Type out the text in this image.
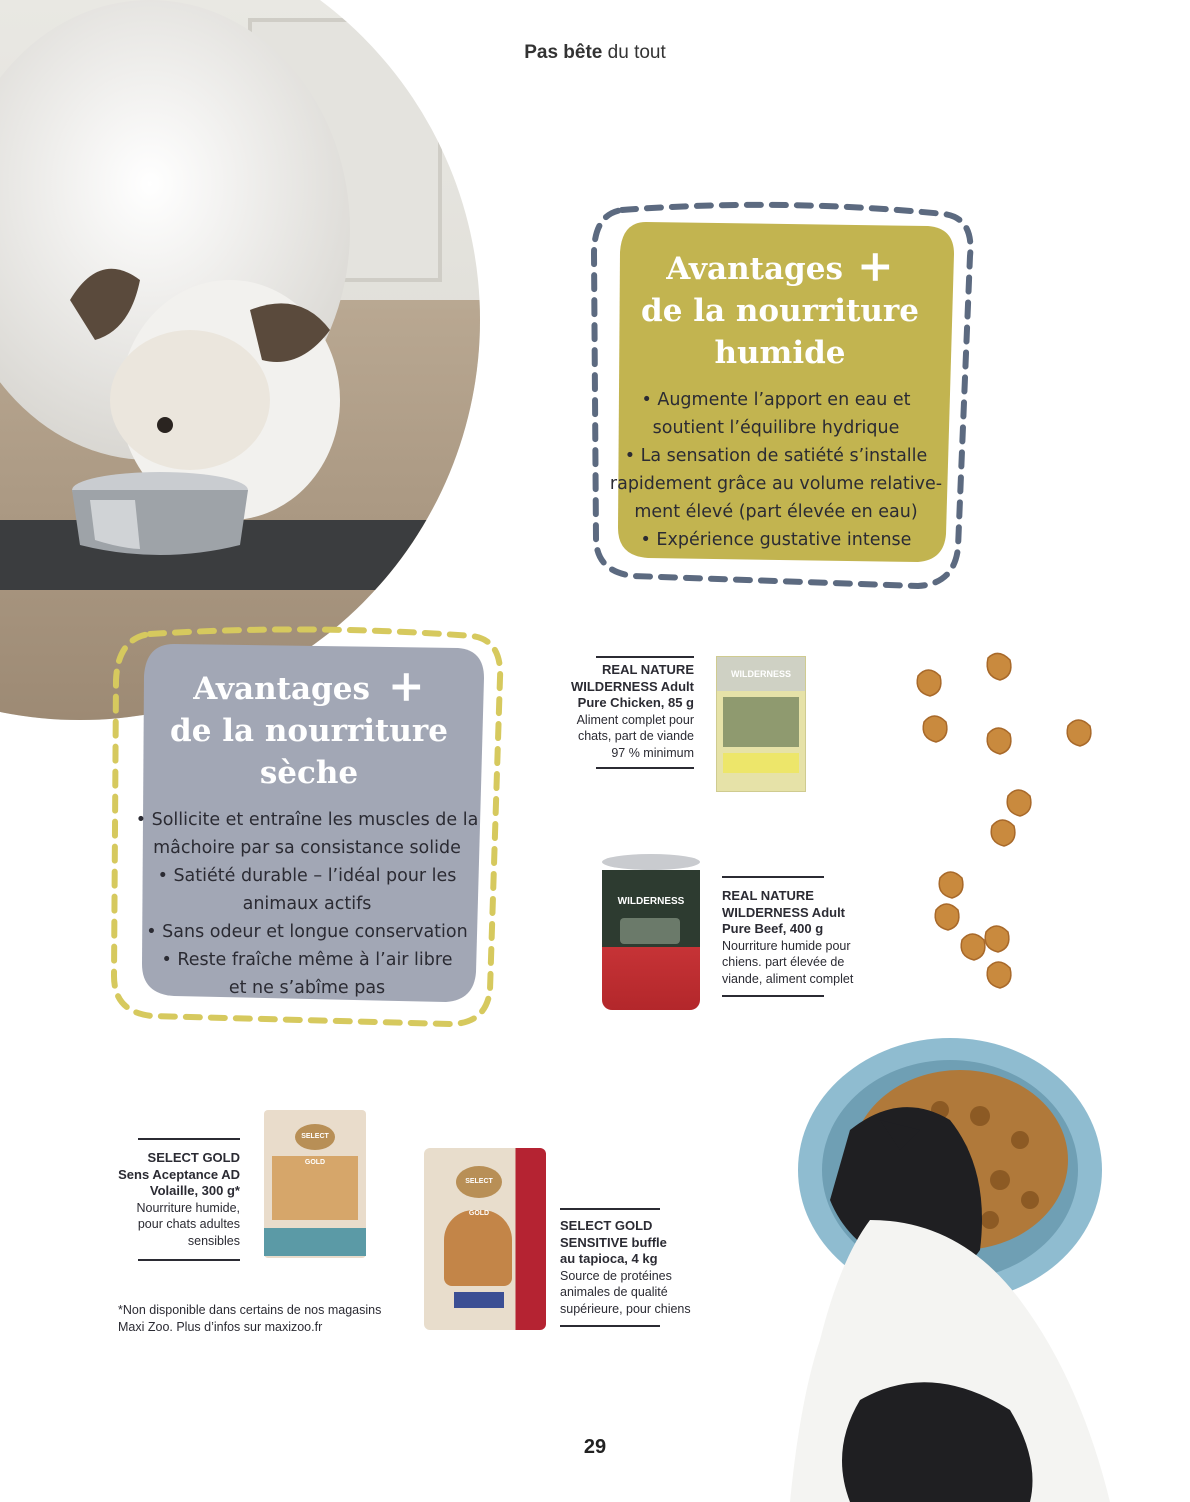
Pas bête du tout
Avantages +
de la nourriture
humide
• Augmente l’apport en eau et
soutient l’équilibre hydrique
• La sensation de satiété s’installe
rapidement grâce au volume relative-
ment élevé (part élevée en eau)
• Expérience gustative intense
Avantages +
de la nourriture
sèche
• Sollicite et entraîne les muscles de la
mâchoire par sa consistance solide
• Satiété durable – l’idéal pour les
animaux actifs
• Sans odeur et longue conservation
• Reste fraîche même à l’air libre
et ne s’abîme pas
REAL NATURE
WILDERNESS Adult
Pure Chicken, 85 g
Aliment complet pour
chats, part de viande
97 % minimum
WILDERNESS
WILDERNESS	REAL NATURE
WILDERNESS Adult
Pure Beef, 400 g
Nourriture humide pour
chiens. part élevée de
viande, aliment complet
SELECT GOLD
Sens Aceptance AD
Volaille, 300 g*
Nourriture humide,
pour chats adultes
sensibles
SELECT GOLD
SELECT GOLD
SELECT GOLD
SENSITIVE buffle
au tapioca, 4 kg
Source de protéines
animales de qualité
supérieure, pour chiens
*Non disponible dans certains de nos magasins
Maxi Zoo. Plus d’infos sur maxizoo.fr
29
